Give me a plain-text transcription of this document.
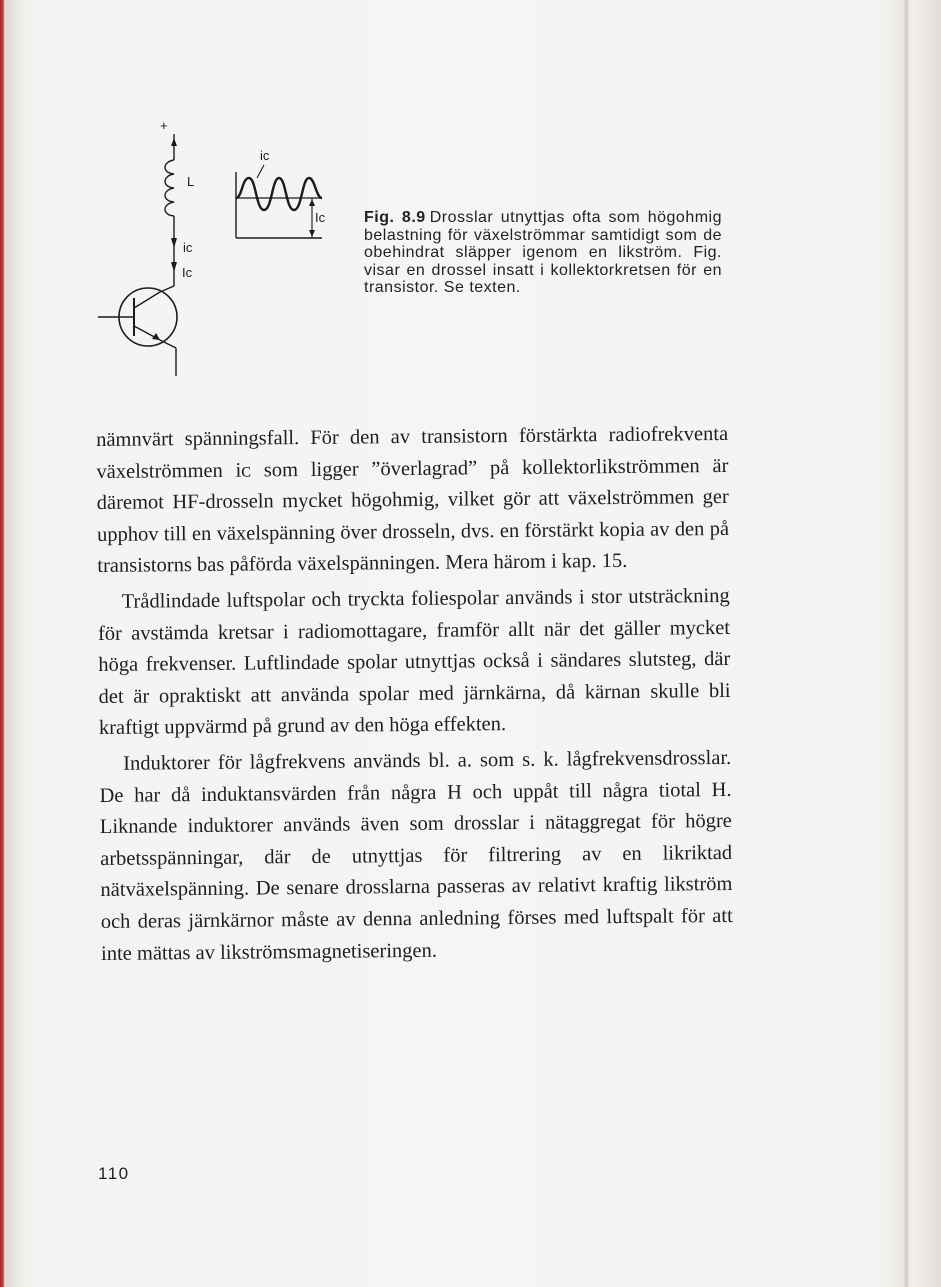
+
L
iᴄ
Iᴄ
iᴄ
Iᴄ Fig. 8.9 Drosslar utnyttjas ofta som högohmig belastning för växelströmmar samtidigt som de obehindrat släpper igenom en likström. Fig. visar en drossel insatt i kollektorkretsen för en transistor. Se texten.

nämnvärt spänningsfall. För den av transistorn förstärkta radiofrekventa växelströmmen iᴄ som ligger ”överlagrad” på kollektorlikströmmen är däremot HF-drosseln mycket högohmig, vilket gör att växelströmmen ger upphov till en växelspänning över drosseln, dvs. en förstärkt kopia av den på transistorns bas påförda växelspänningen. Mera härom i kap. 15.

Trådlindade luftspolar och tryckta foliespolar används i stor utsträckning för avstämda kretsar i radiomottagare, framför allt när det gäller mycket höga frekvenser. Luftlindade spolar utnyttjas också i sändares slutsteg, där det är opraktiskt att använda spolar med järnkärna, då kärnan skulle bli kraftigt uppvärmd på grund av den höga effekten.

Induktorer för lågfrekvens används bl. a. som s. k. lågfrekvensdrosslar. De har då induktansvärden från några H och uppåt till några tiotal H. Liknande induktorer används även som drosslar i nätaggregat för högre arbetsspänningar, där de utnyttjas för filtrering av en likriktad nätväxelspänning. De senare drosslarna passeras av relativt kraftig likström och deras järnkärnor måste av denna anledning förses med luftspalt för att inte mättas av likströmsmagnetiseringen.

110
